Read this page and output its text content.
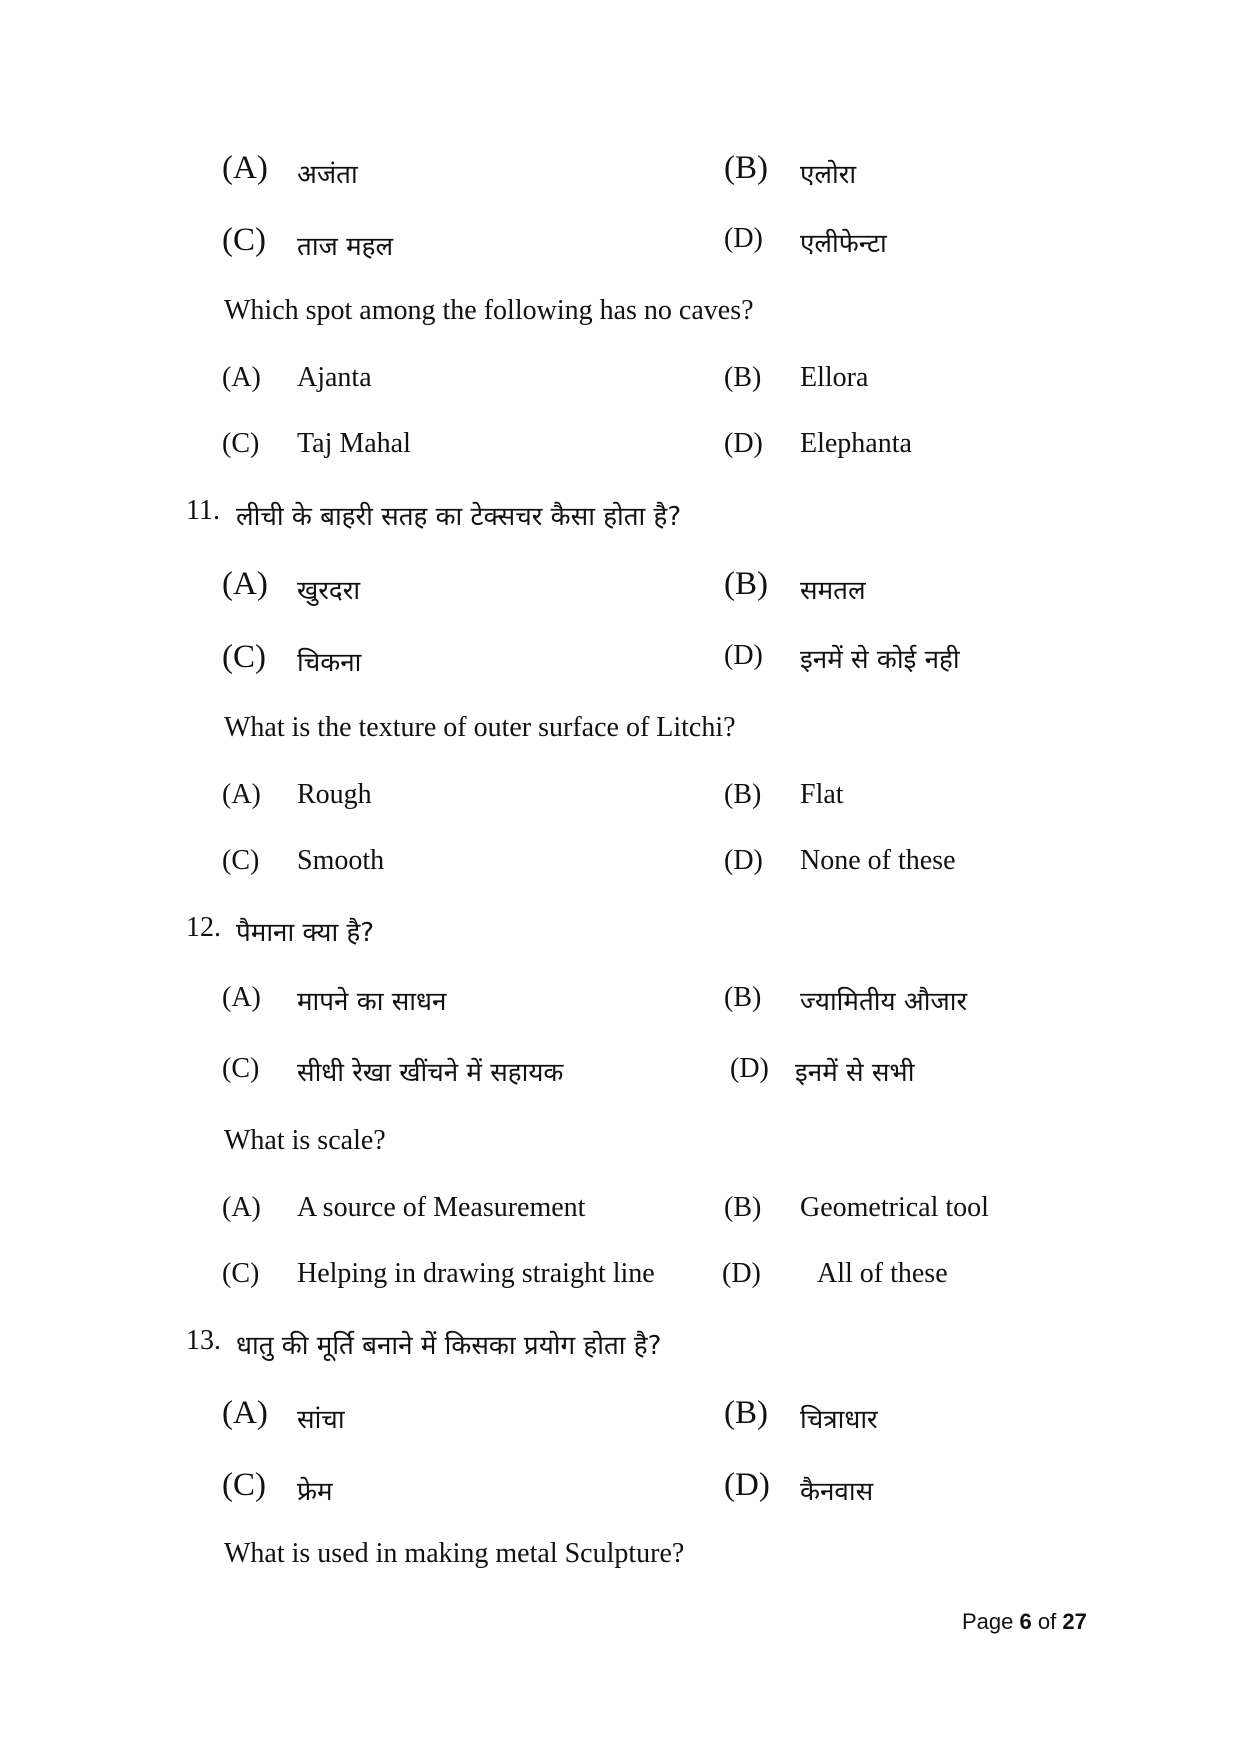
(A) अजंता	(B) एलोरा
(C) ताज महल	(D) एलीफेन्टा
Which spot among the following has no caves?
(A) Ajanta	(B) Ellora
(C) Taj Mahal	(D) Elephanta
11. लीची के बाहरी सतह का टेक्सचर कैसा होता है?
(A) खुरदरा	(B) समतल
(C) चिकना	(D) इनमें से कोई नही
What is the texture of outer surface of Litchi?
(A) Rough	(B) Flat
(C) Smooth	(D) None of these
12. पैमाना क्या है?
(A) मापने का साधन	(B) ज्यामितीय औजार
(C) सीधी रेखा खींचने में सहायक	(D) इनमें से सभी
What is scale?
(A) A source of Measurement	(B) Geometrical tool
(C) Helping in drawing straight line (D) All of these
13. धातु की मूर्ति बनाने में किसका प्रयोग होता है?
(A) सांचा	(B) चित्राधार
(C) फ्रेम	(D) कैनवास
What is used in making metal Sculpture?
Page 6 of 27
